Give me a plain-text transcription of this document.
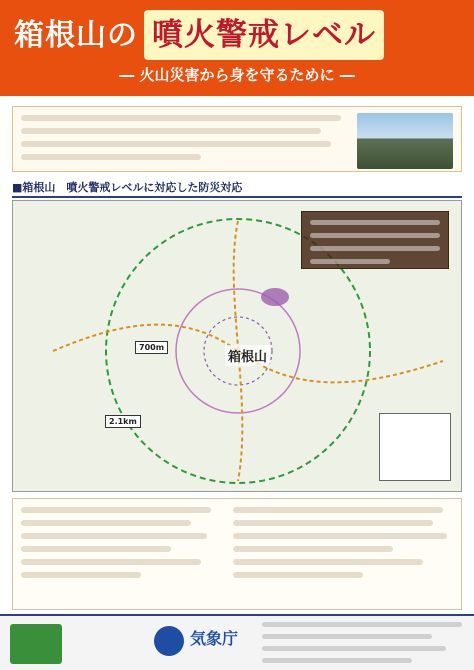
箱根山の 噴火警戒レベル
― 火山災害から身を守るために ―
■箱根山　噴火警戒レベルに対応した防災対応
箱根山
700m
2.1km
気象庁
